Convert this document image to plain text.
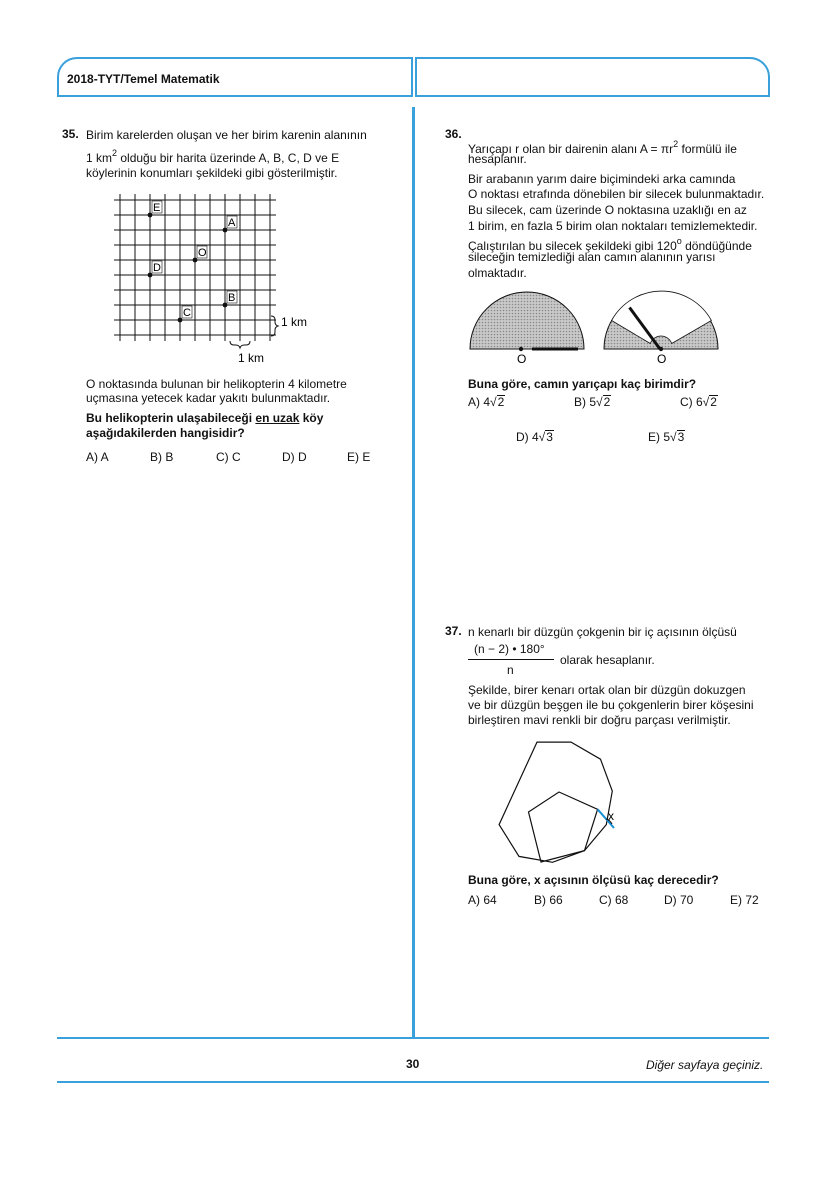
2018-TYT/Temel Matematik
35. Birim karelerden oluşan ve her birim karenin alanının
1 $km^2$ olduğu bir harita üzerinde A, B, C, D ve E
köylerinin konumları şekildeki gibi gösterilmiştir.
E
A
O
D
B
C
1 km
1 km
O noktasında bulunan bir helikopterin 4 kilometre
uçmasına yetecek kadar yakıtı bulunmaktadır.
Bu helikopterin ulaşabileceği en uzak köy
aşağıdakilerden hangisidir?
A) A	B) B	C) C	D) D	E) E
36.
Yarıçapı r olan bir dairenin alanı $A = \pi r^2$ formülü ile
hesaplanır.
Bir arabanın yarım daire biçimindeki arka camında
O noktası etrafında dönebilen bir silecek bulunmaktadır.
Bu silecek, cam üzerinde O noktasına uzaklığı en az
1 birim, en fazla 5 birim olan noktaları temizlemektedir.
Çalıştırılan bu silecek şekildeki gibi 120$^o$ döndüğünde
sileceğin temizlediği alan camın alanının yarısı
olmaktadır.
O	O
Buna göre, camın yarıçapı kaç birimdir?
A) 4√2	B) 5√2	C) 6√2
D) 4√3	E) 5√3
37. n kenarlı bir düzgün çokgenin bir iç açısının ölçüsü
(n − 2) • 180°
n
olarak hesaplanır.
Şekilde, birer kenarı ortak olan bir düzgün dokuzgen
ve bir düzgün beşgen ile bu çokgenlerin birer köşesini
birleştiren mavi renkli bir doğru parçası verilmiştir.
x
Buna göre, x açısının ölçüsü kaç derecedir?
A) 64	B) 66	C) 68	D) 70	E) 72
30	Diğer sayfaya geçiniz.
